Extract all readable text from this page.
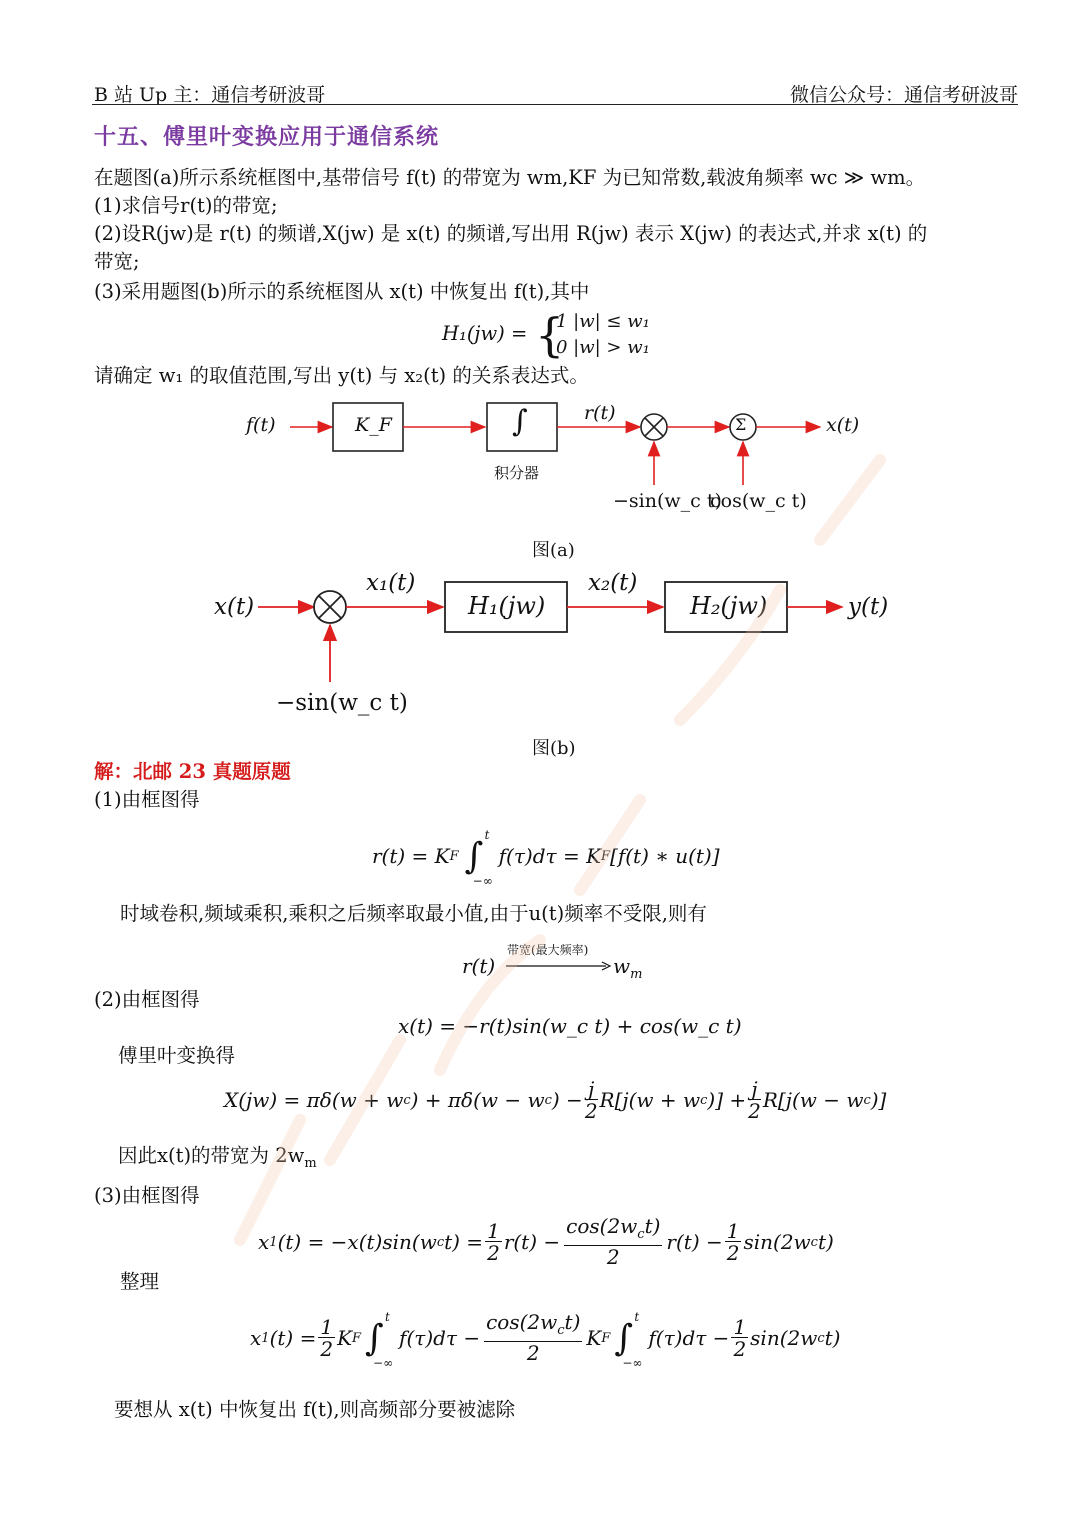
B 站 Up 主：通信考研波哥	微信公众号：通信考研波哥
十五、傅里叶变换应用于通信系统
在题图(a)所示系统框图中,基带信号 f(t) 的带宽为 wm,KF 为已知常数,载波角频率 wc ≫ wm。
(1)求信号r(t)的带宽;
(2)设R(jw)是 r(t) 的频谱,X(jw) 是 x(t) 的频谱,写出用 R(jw) 表示 X(jw) 的表达式,并求 x(t) 的
带宽;
(3)采用题图(b)所示的系统框图从 x(t) 中恢复出 f(t),其中
H₁(jw) = {
1 |w| ≤ w₁
0 |w| > w₁
请确定 w₁ 的取值范围,写出 y(t) 与 x₂(t) 的关系表达式。
f(t)	K_F	∫
积分器
r(t)
Σ	x(t)
−sin(w_c t)
cos(w_c t)
图(a)
x(t)
x₁(t)
H₁(jw)
x₂(t)
H₂(jw)	y(t)
−sin(w_c t)
图(b)
解：北邮 23 真题原题
(1)由框图得
r(t) = K F ∫
t
−∞
f(τ)dτ = K F [f(t) ∗ u(t)]
时域卷积,频域乘积,乘积之后频率取最小值,由于u(t)频率不受限,则有
带宽(最大频率)
r(t)	$w_m$
(2)由框图得
x(t) = −r(t)sin(w_c t) + cos(w_c t)
傅里叶变换得
X(jw) = πδ(w + w c ) + πδ(w − w c ) − $\frac{j}{2} R[j(w + w$ c )] + $\frac{j}{2} R[j(w - w$ c )]
因此x(t)的带宽为 $2w_m$
(3)由框图得
x 1 (t) = −x(t)sin(w c $t) = \frac{1}{2} r(t) - \frac{\cos(2w_ct)}{2} r(t) - \frac{1}{2} \sin(2w$ c t)
整理
x 1 $(t) = \frac{1}{2}$ K F ∫
t
−∞
$f(\tau)d\tau - \frac{\cos(2w_ct)}{2}$ K F ∫
t
−∞
$f(\tau)d\tau - \frac{1}{2} \sin(2w$ c t)
要想从 x(t) 中恢复出 f(t),则高频部分要被滤除
